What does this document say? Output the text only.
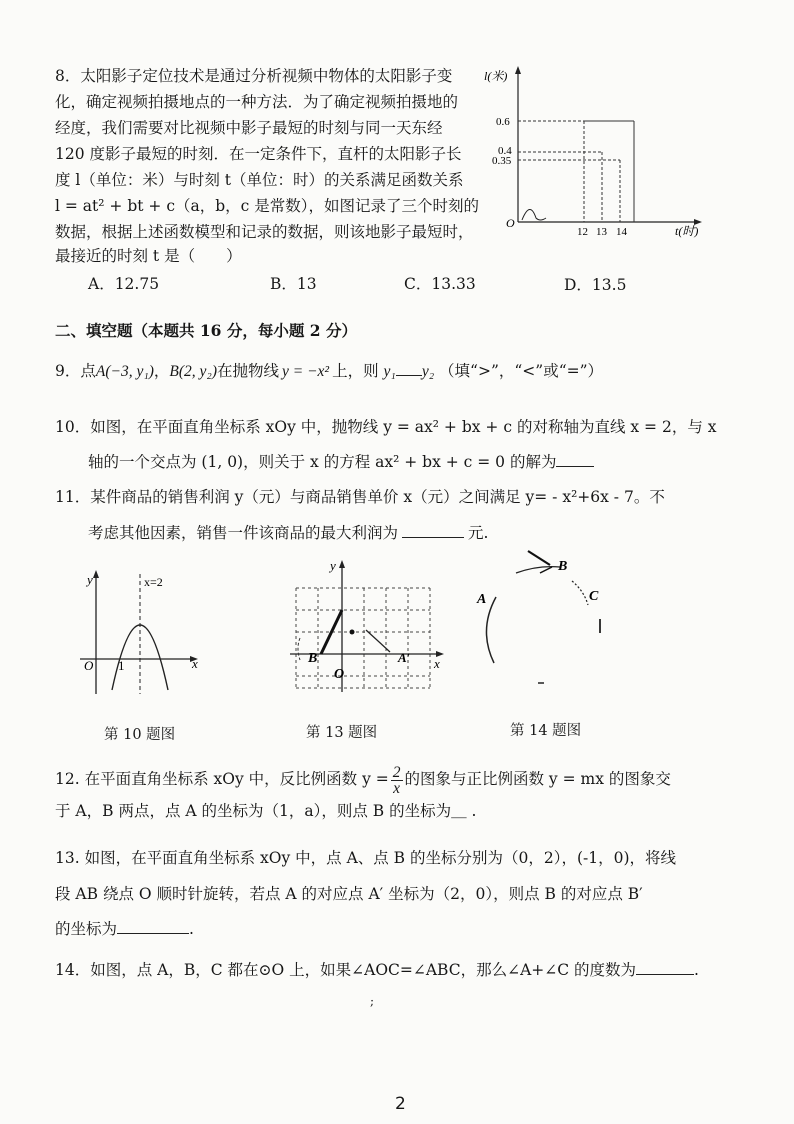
8．太阳影子定位技术是通过分析视频中物体的太阳影子变
化，确定视频拍摄地点的一种方法．为了确定视频拍摄地的
经度，我们需要对比视频中影子最短的时刻与同一天东经
120 度影子最短的时刻．在一定条件下，直杆的太阳影子长
度 l（单位：米）与时刻 t（单位：时）的关系满足函数关系
l = at² + bt + c（a，b，c 是常数），如图记录了三个时刻的
数据，根据上述函数模型和记录的数据，则该地影子最短时，
最接近的时刻 t 是（　　）
A．12.75	B．13	C．13.33	D．13.5
l(米)
t(时)
O
0.6
0.4
0.35
12 13 14
二、填空题（本题共 16 分，每小题 2 分）
9．点A(−3, y₁)，B(2, y₂)在抛物线 y = −x² 上，则 y₁ y₂ （填“>”，“<”或“=”）
10．如图，在平面直角坐标系 xOy 中，抛物线 y = ax² + bx + c 的对称轴为直线 x = 2，与 x
轴的一个交点为 (1, 0)，则关于 x 的方程 ax² + bx + c = 0 的解为
11．某件商品的销售利润 y（元）与商品销售单价 x（元）之间满足 y= - x²+6x - 7。不
考虑其他因素，销售一件该商品的最大利润为	元.
y
x
O 1
x=2
第 10 题图
y
x
O
B	A′
第 13 题图
A
B
C
第 14 题图
12. 在平面直角坐标系 xOy 中，反比例函数 $y = \frac{2}{x}$ 的图象与正比例函数 y = mx 的图象交
于 A，B 两点，点 A 的坐标为（1，a），则点 B 的坐标为＿ .
13. 如图，在平面直角坐标系 xOy 中，点 A、点 B 的坐标分别为（0，2），(-1，0)，将线
段 AB 绕点 O 顺时针旋转，若点 A 的对应点 A′ 坐标为（2，0），则点 B 的对应点 B′
的坐标为	.
14．如图，点 A，B，C 都在⊙O 上，如果∠AOC=∠ABC，那么∠A+∠C 的度数为	.
;
2
